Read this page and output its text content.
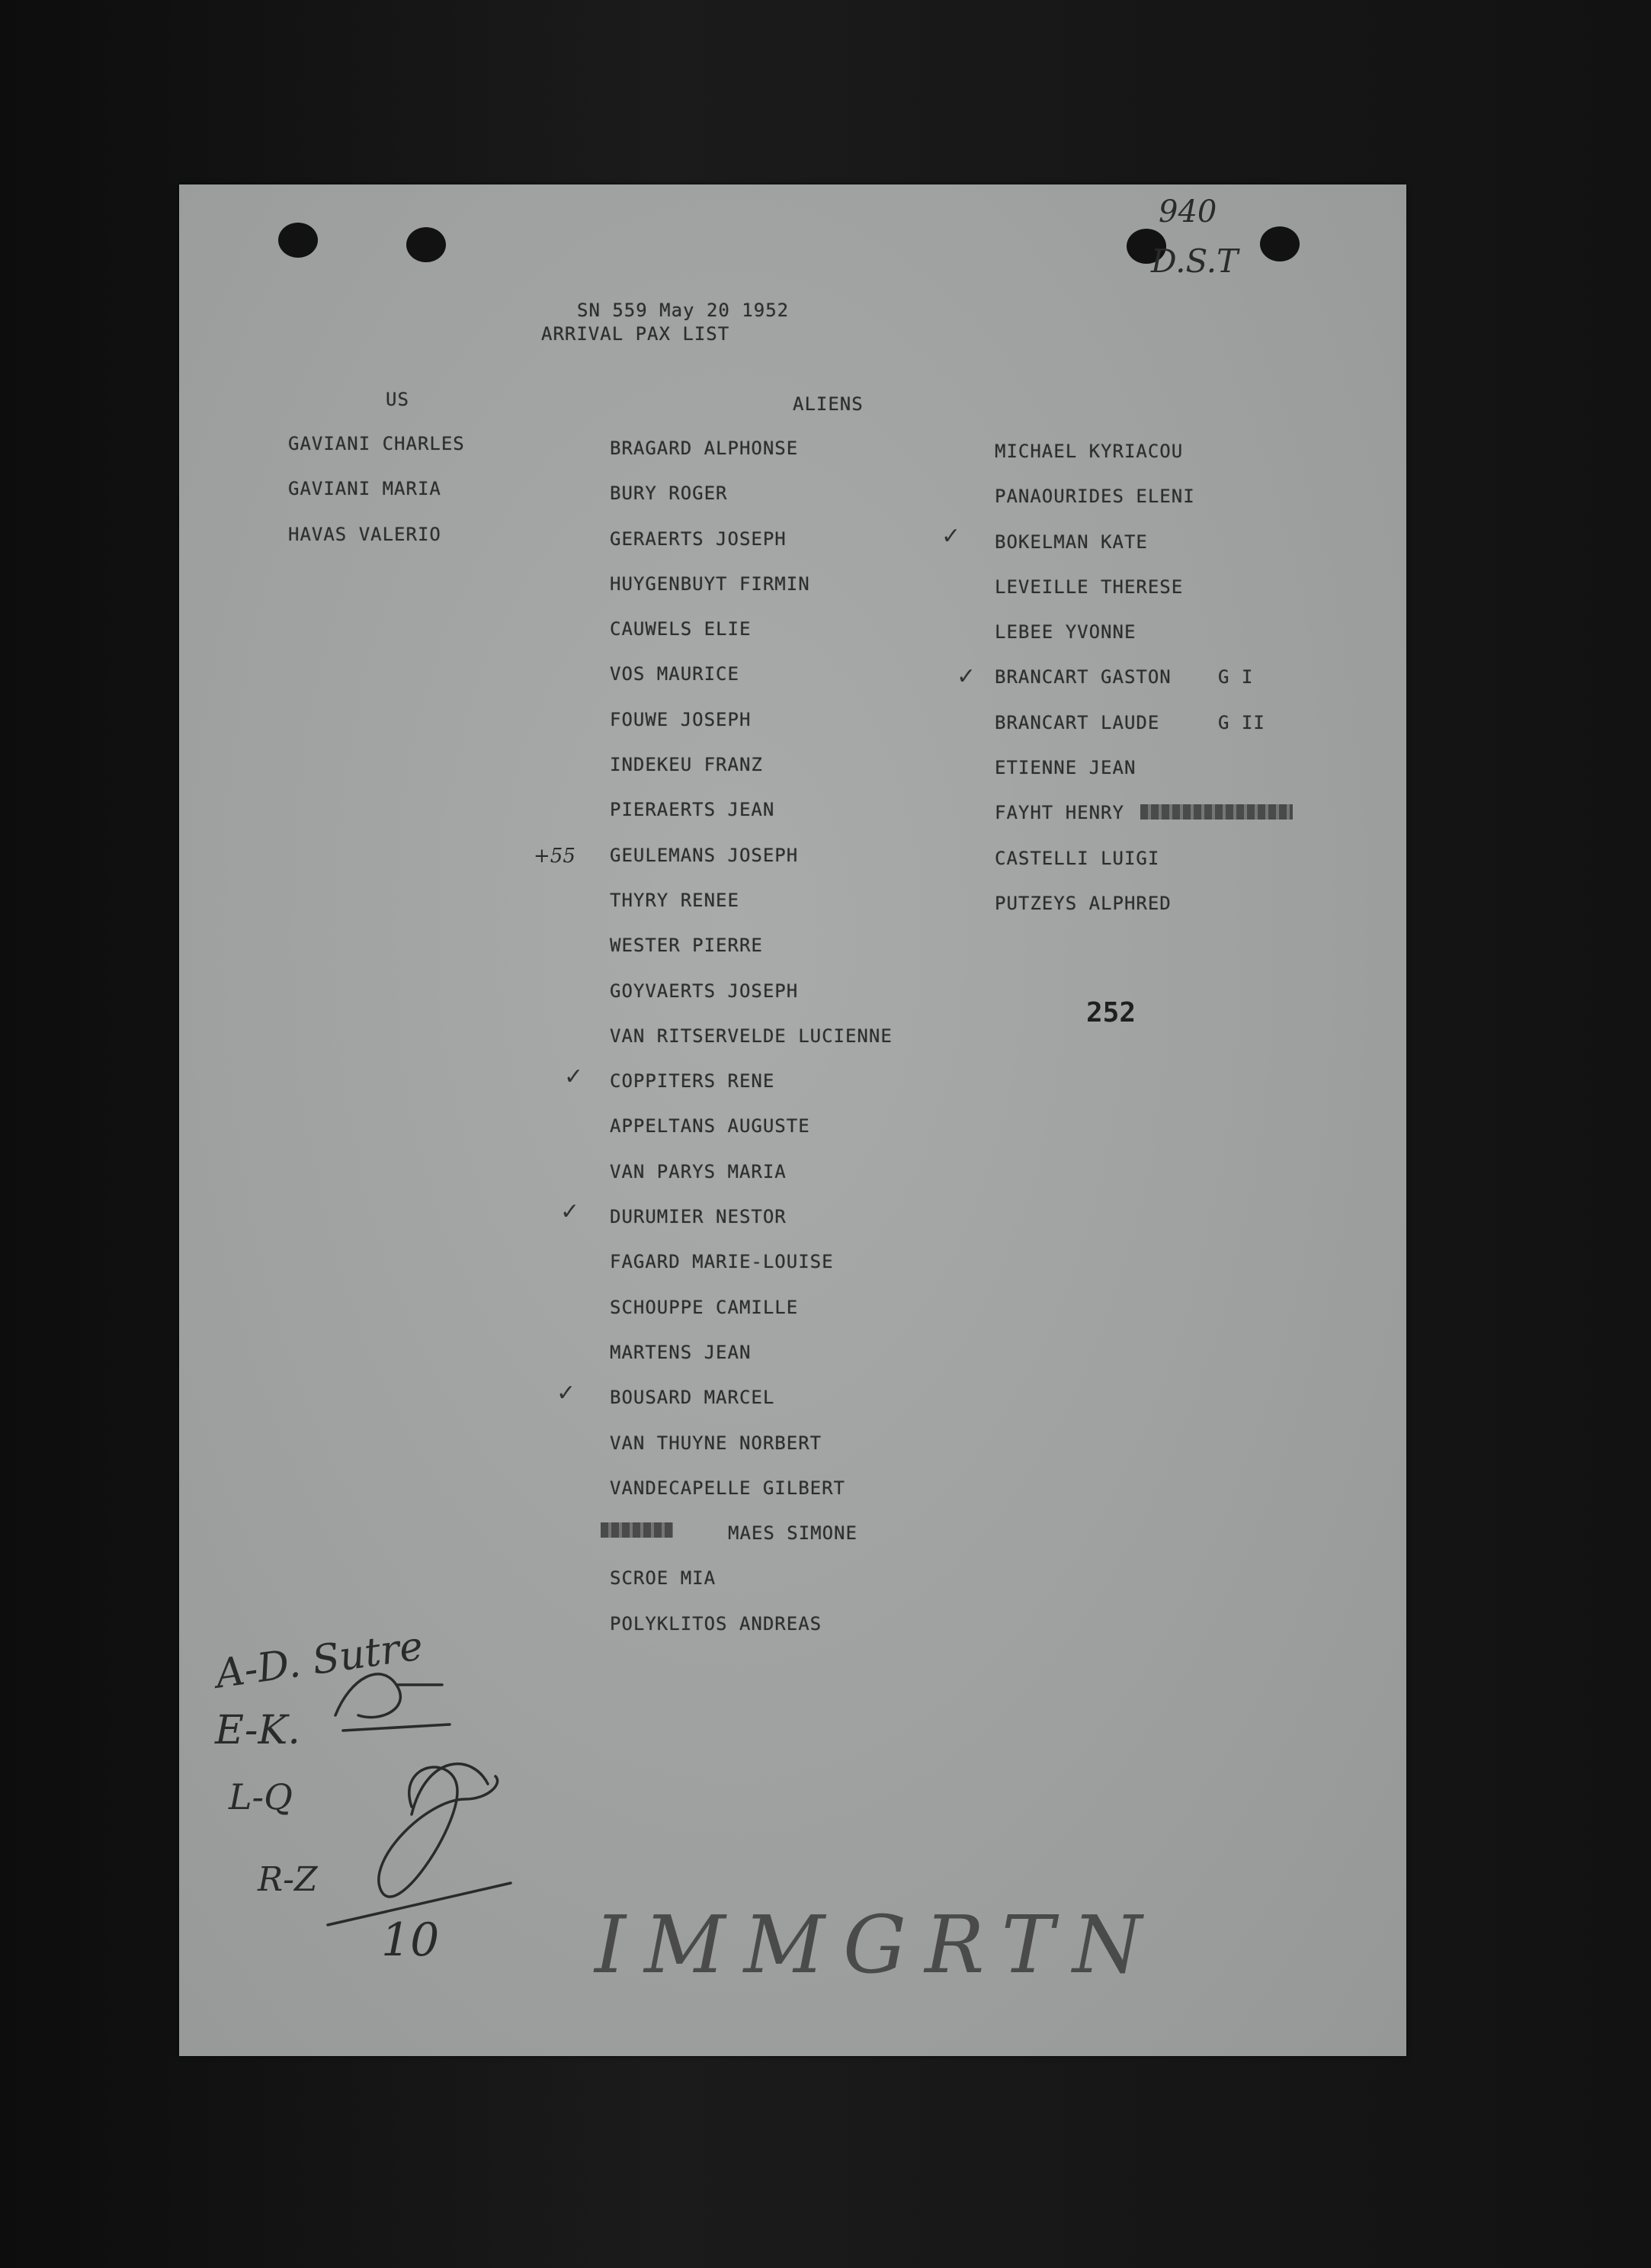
SN 559 May 20 1952
ARRIVAL PAX LIST
US	ALIENS
GAVIANI CHARLES
GAVIANI MARIA
HAVAS VALERIO
BRAGARD ALPHONSE
BURY ROGER
GERAERTS JOSEPH
HUYGENBUYT FIRMIN
CAUWELS ELIE
VOS MAURICE
FOUWE JOSEPH
INDEKEU FRANZ
PIERAERTS JEAN
GEULEMANS JOSEPH
THYRY RENEE
WESTER PIERRE
GOYVAERTS JOSEPH
VAN RITSERVELDE LUCIENNE
COPPITERS RENE
APPELTANS AUGUSTE
VAN PARYS MARIA
DURUMIER NESTOR
FAGARD MARIE-LOUISE
SCHOUPPE CAMILLE
MARTENS JEAN
BOUSARD MARCEL
VAN THUYNE NORBERT
VANDECAPELLE GILBERT
MAES SIMONE
SCROE MIA
POLYKLITOS ANDREAS
MICHAEL KYRIACOU
PANAOURIDES ELENI
BOKELMAN KATE
LEVEILLE THERESE
LEBEE YVONNE
BRANCART GASTON
BRANCART LAUDE
ETIENNE JEAN
FAYHT HENRY
CASTELLI LUIGI
PUTZEYS ALPHRED
G I
G II
252
940
D.S.T
+55
✓
✓
✓
✓
✓
A-D. Sutre
E-K.
L-Q
R-Z
10 IMMGRTN
